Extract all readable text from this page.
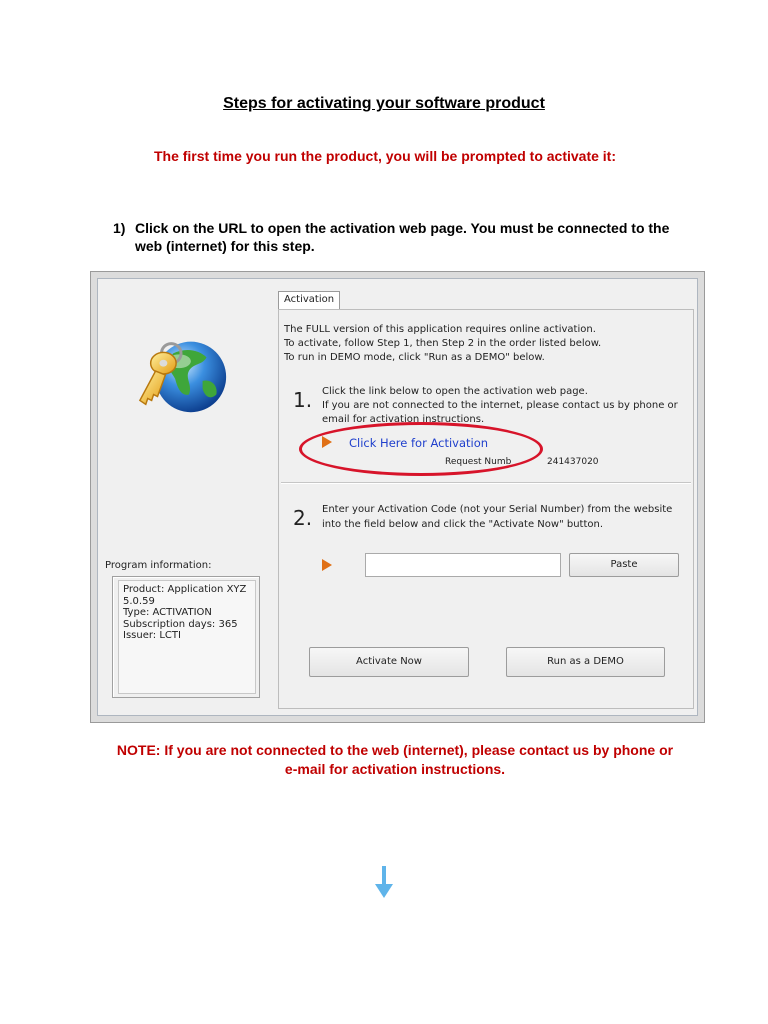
Steps for activating your software product
The first time you run the product, you will be prompted to activate it:
1) Click on the URL to open the activation web page. You must be connected to the web (internet) for this step.
Program information:
Product: Application XYZ
5.0.59
Type: ACTIVATION
Subscription days: 365
Issuer: LCTI
Activation
The FULL version of this application requires online activation.
To activate, follow Step 1, then Step 2 in the order listed below.
To run in DEMO mode, click "Run as a DEMO" below.
1. Click the link below to open the activation web page.
If you are not connected to the internet, please contact us by phone or
email for activation instructions.
Click Here for Activation
Request Numb	241437020
2. Enter your Activation Code (not your Serial Number) from the website
into the field below and click the "Activate Now" button.
Paste
Activate Now	Run as a DEMO
NOTE: If you are not connected to the web (internet), please contact us by phone or e-mail for activation instructions.
